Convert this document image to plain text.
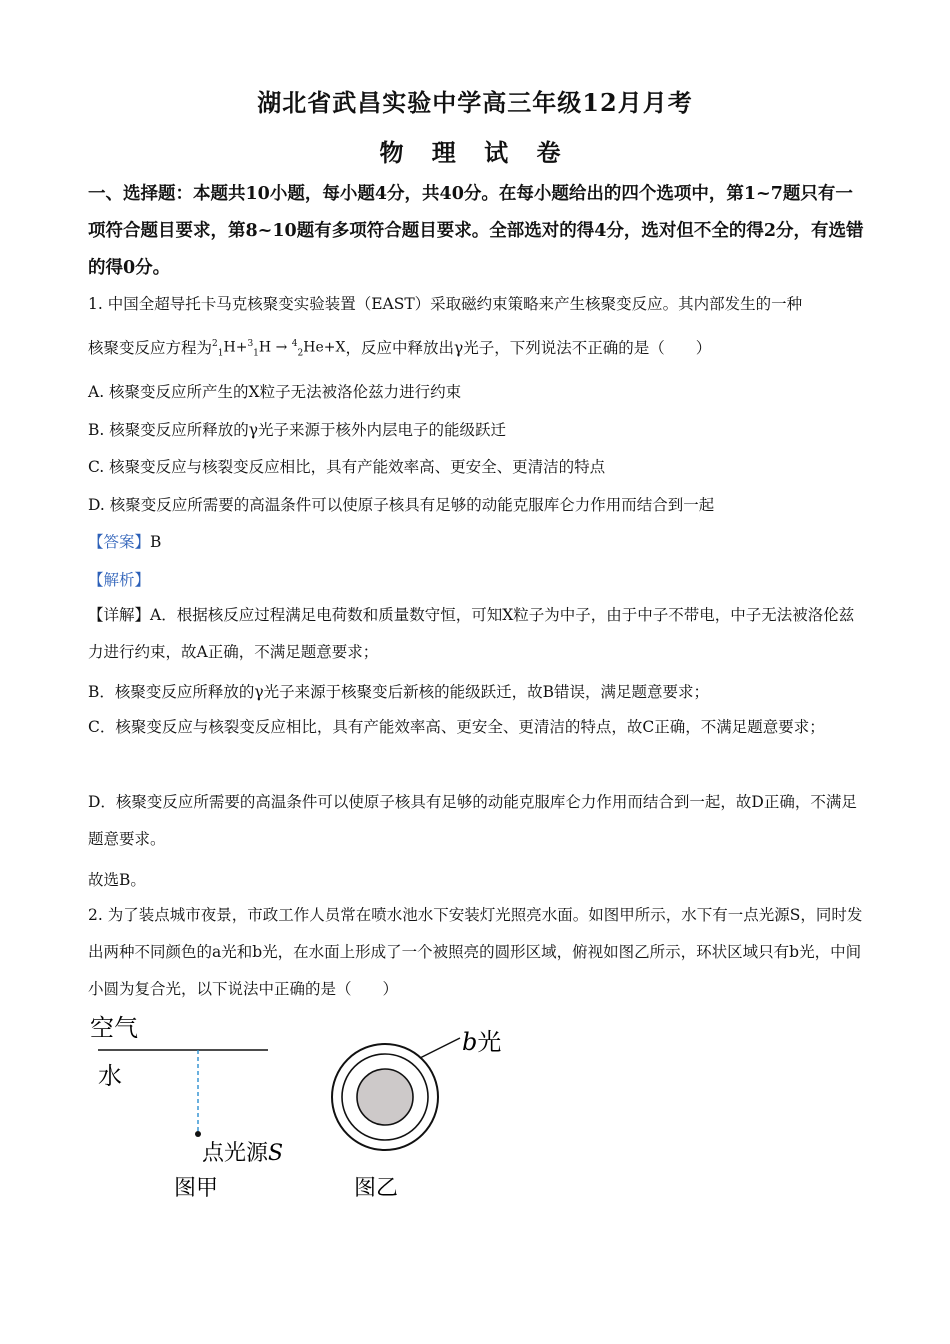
湖北省武昌实验中学高三年级12月月考
物 理 试 卷
一、选择题：本题共10小题，每小题4分，共40分。在每小题给出的四个选项中，第1~7题只有一项符合题目要求，第8~10题有多项符合题目要求。全部选对的得4分，选对但不全的得2分，有选错的得0分。
1. 中国全超导托卡马克核聚变实验装置（EAST）采取磁约束策略来产生核聚变反应。其内部发生的一种
核聚变反应方程为$^2_1$H+$^3_1$H → $^4_2$He+X，反应中释放出γ光子，下列说法不正确的是（　　）
A. 核聚变反应所产生的X粒子无法被洛伦兹力进行约束
B. 核聚变反应所释放的γ光子来源于核外内层电子的能级跃迁
C. 核聚变反应与核裂变反应相比，具有产能效率高、更安全、更清洁的特点
D. 核聚变反应所需要的高温条件可以使原子核具有足够的动能克服库仑力作用而结合到一起
【答案】B
【解析】
【详解】A．根据核反应过程满足电荷数和质量数守恒，可知X粒子为中子，由于中子不带电，中子无法被洛伦兹力进行约束，故A正确，不满足题意要求；
B．核聚变反应所释放的γ光子来源于核聚变后新核的能级跃迁，故B错误，满足题意要求；
C．核聚变反应与核裂变反应相比，具有产能效率高、更安全、更清洁的特点，故C正确，不满足题意要求；
D．核聚变反应所需要的高温条件可以使原子核具有足够的动能克服库仑力作用而结合到一起，故D正确，不满足题意要求。
故选B。
2. 为了装点城市夜景，市政工作人员常在喷水池水下安装灯光照亮水面。如图甲所示，水下有一点光源S，同时发出两种不同颜色的a光和b光，在水面上形成了一个被照亮的圆形区域，俯视如图乙所示，环状区域只有b光，中间小圆为复合光，以下说法中正确的是（　　）
空气
水
点光源S
图甲
b光
图乙
